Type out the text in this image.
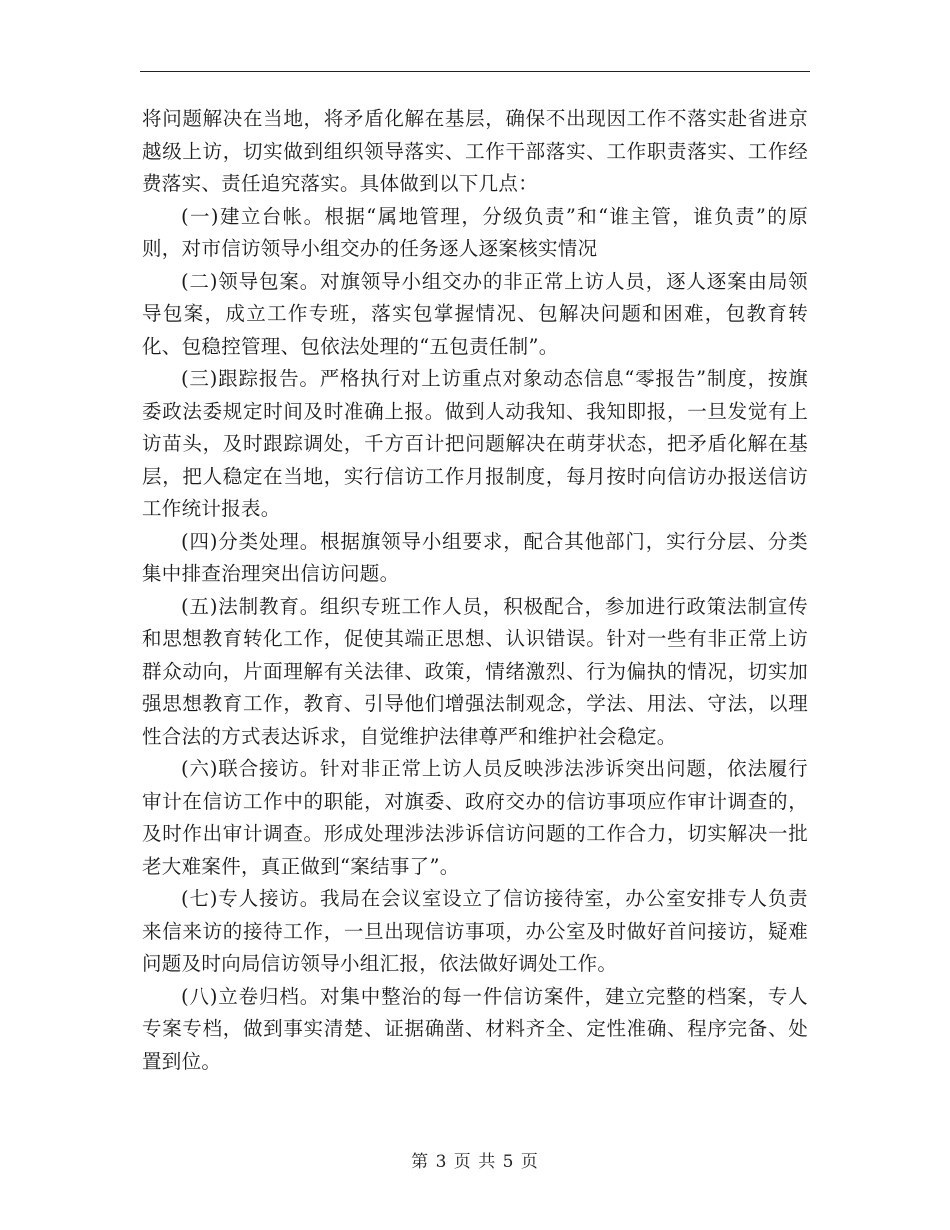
将问题解决在当地，将矛盾化解在基层，确保不出现因工作不落实赴省进京越级上访，切实做到组织领导落实、工作干部落实、工作职责落实、工作经费落实、责任追究落实。具体做到以下几点：

(一)建立台帐。根据“属地管理，分级负责”和“谁主管，谁负责”的原则，对市信访领导小组交办的任务逐人逐案核实情况

(二)领导包案。对旗领导小组交办的非正常上访人员，逐人逐案由局领导包案，成立工作专班，落实包掌握情况、包解决问题和困难，包教育转化、包稳控管理、包依法处理的“五包责任制”。

(三)跟踪报告。严格执行对上访重点对象动态信息“零报告”制度，按旗委政法委规定时间及时准确上报。做到人动我知、我知即报，一旦发觉有上访苗头，及时跟踪调处，千方百计把问题解决在萌芽状态，把矛盾化解在基层，把人稳定在当地，实行信访工作月报制度，每月按时向信访办报送信访工作统计报表。

(四)分类处理。根据旗领导小组要求，配合其他部门，实行分层、分类集中排查治理突出信访问题。

(五)法制教育。组织专班工作人员，积极配合，参加进行政策法制宣传和思想教育转化工作，促使其端正思想、认识错误。针对一些有非正常上访群众动向，片面理解有关法律、政策，情绪激烈、行为偏执的情况，切实加强思想教育工作，教育、引导他们增强法制观念，学法、用法、守法，以理性合法的方式表达诉求，自觉维护法律尊严和维护社会稳定。

(六)联合接访。针对非正常上访人员反映涉法涉诉突出问题，依法履行审计在信访工作中的职能，对旗委、政府交办的信访事项应作审计调查的，及时作出审计调查。形成处理涉法涉诉信访问题的工作合力，切实解决一批老大难案件，真正做到“案结事了”。

(七)专人接访。我局在会议室设立了信访接待室，办公室安排专人负责来信来访的接待工作，一旦出现信访事项，办公室及时做好首问接访，疑难问题及时向局信访领导小组汇报，依法做好调处工作。

(八)立卷归档。对集中整治的每一件信访案件，建立完整的档案，专人专案专档，做到事实清楚、证据确凿、材料齐全、定性准确、程序完备、处置到位。

第 3 页 共 5 页
